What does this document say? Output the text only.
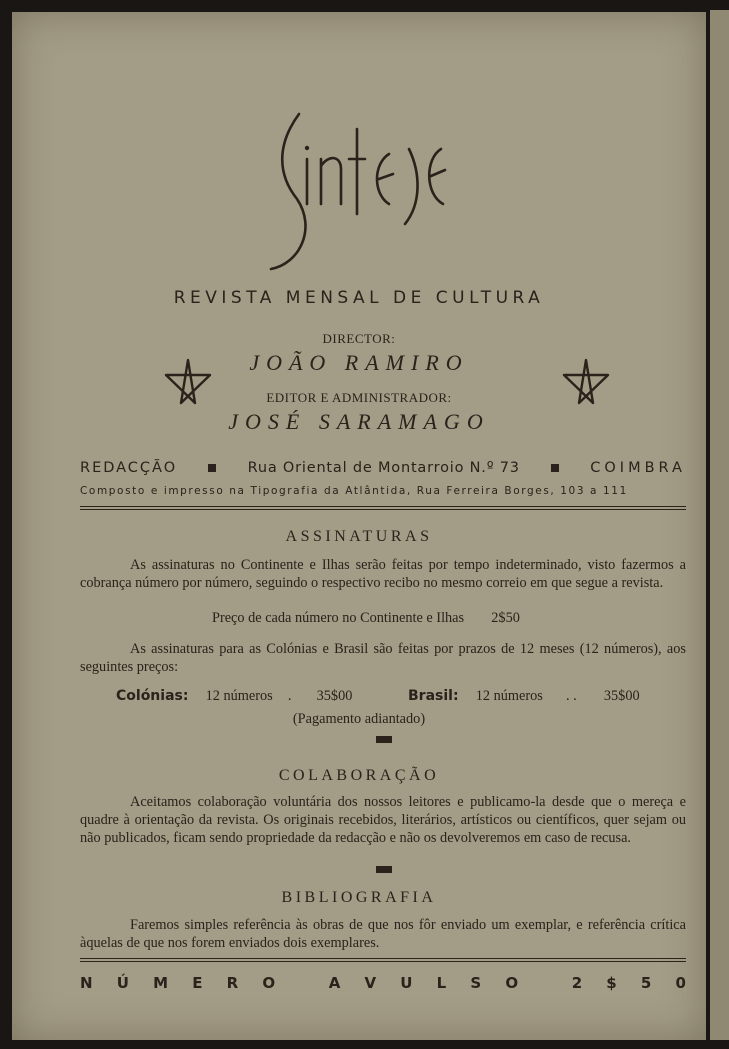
REVISTA MENSAL DE CULTURA
DIRECTOR:
JOÃO RAMIRO
EDITOR E ADMINISTRADOR:
JOSÉ SARAMAGO
REDACÇÃO	Rua Oriental de Montarroio N.º 73	COIMBRA
Composto e impresso na Tipografia da Atlântida, Rua Ferreira Borges, 103 a 111
ASSINATURAS

As assinaturas no Continente e Ilhas serão feitas por tempo indeterminado, visto fazermos a cobrança número por número, seguindo o respectivo recibo no mesmo correio em que segue a revista.

Preço de cada número no Continente e Ilhas 2$50

As assinaturas para as Colónias e Brasil são feitas por prazos de 12 meses (12 números), aos seguintes preços:

Colónias: 12 números . 35$00	Brasil: 12 números . . 35$00
(Pagamento adiantado)
COLABORAÇÃO

Aceitamos colaboração voluntária dos nossos leitores e publicamo-la desde que o mereça e quadre à orientação da revista. Os originais recebidos, literários, artísticos ou científicos, quer sejam ou não publicados, ficam sendo propriedade da redacção e não os devolveremos em caso de recusa.

BIBLIOGRAFIA

Faremos simples referência às obras de que nos fôr enviado um exemplar, e referência crítica àquelas de que nos forem enviados dois exemplares.

N Ú M E R O
	A V U L S O
	2 $ 5 0
